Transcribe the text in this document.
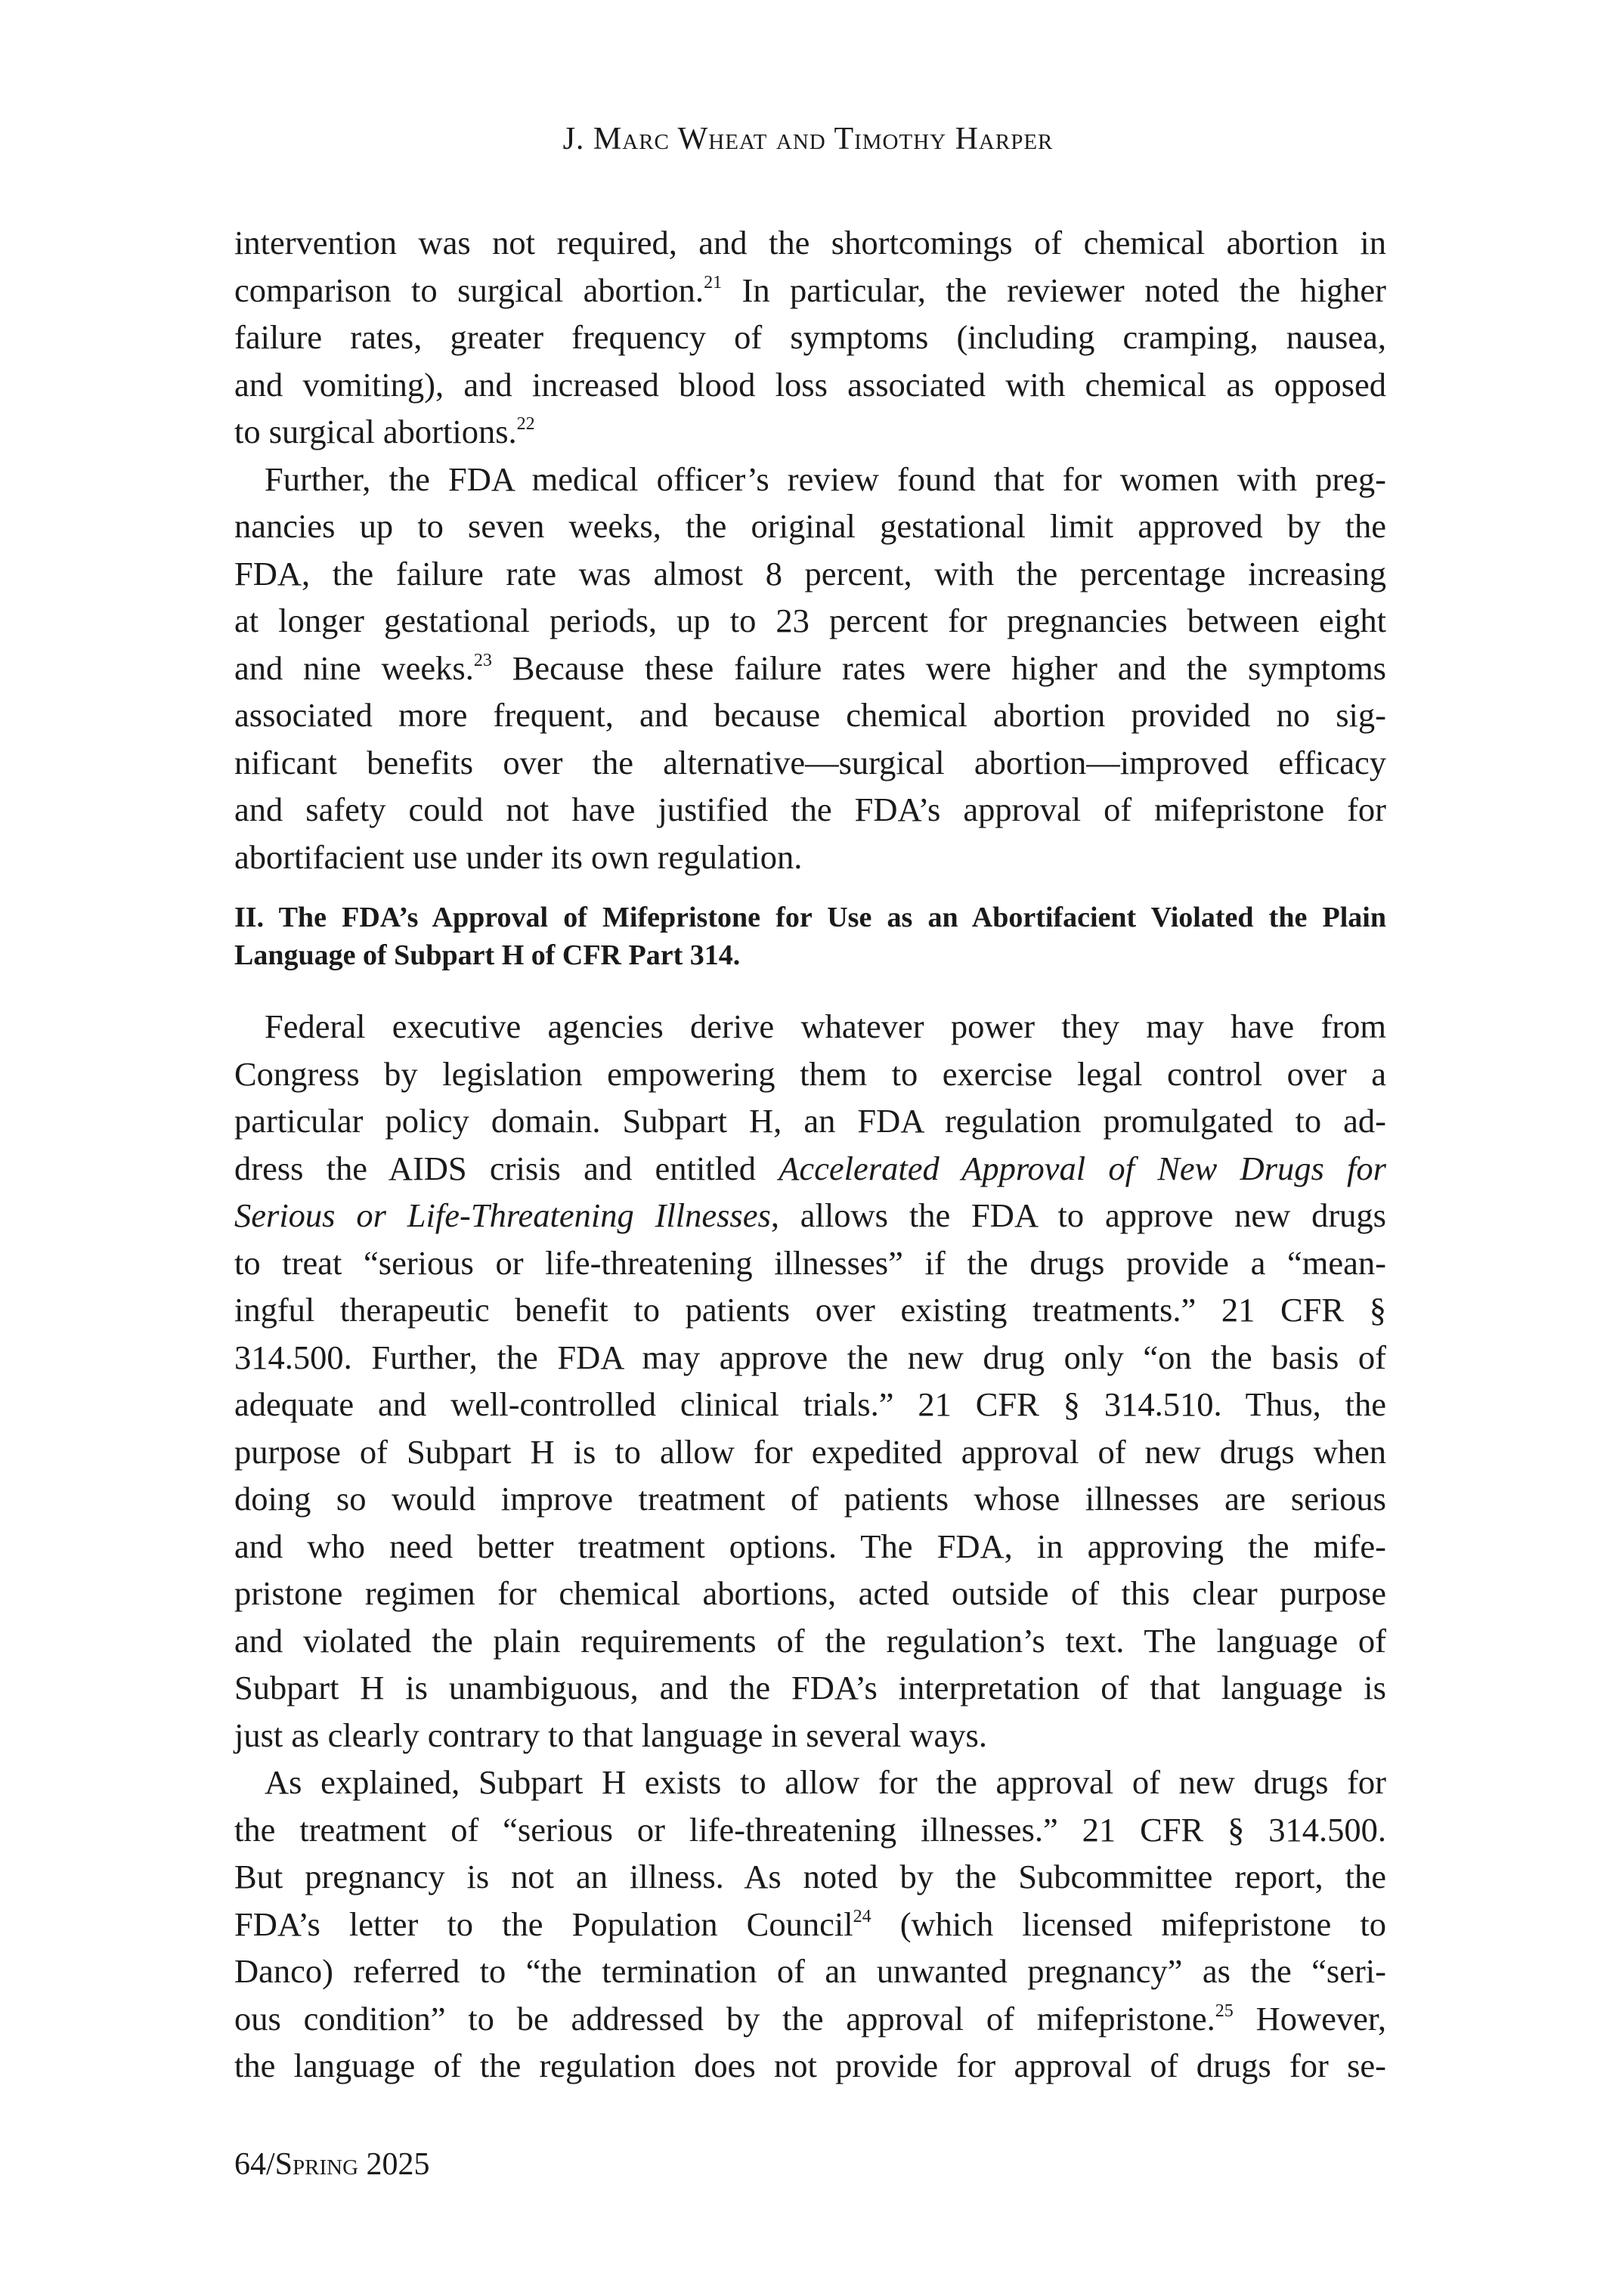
J. Marc Wheat and Timothy Harper
intervention was not required, and the shortcomings of chemical abortion in
comparison to surgical abortion.$^{21}$ In particular, the reviewer noted the higher
failure rates, greater frequency of symptoms (including cramping, nausea,
and vomiting), and increased blood loss associated with chemical as opposed
to surgical abortions.$^{22}$
Further, the FDA medical officer’s review found that for women with preg-
nancies up to seven weeks, the original gestational limit approved by the
FDA, the failure rate was almost 8 percent, with the percentage increasing
at longer gestational periods, up to 23 percent for pregnancies between eight
and nine weeks.$^{23}$ Because these failure rates were higher and the symptoms
associated more frequent, and because chemical abortion provided no sig-
nificant benefits over the alternative—surgical abortion—improved efficacy
and safety could not have justified the FDA’s approval of mifepristone for
abortifacient use under its own regulation.
II. The FDA’s Approval of Mifepristone for Use as an Abortifacient Violated the Plain
Language of Subpart H of CFR Part 314.
Federal executive agencies derive whatever power they may have from
Congress by legislation empowering them to exercise legal control over a
particular policy domain. Subpart H, an FDA regulation promulgated to ad-
dress the AIDS crisis and entitled Accelerated Approval of New Drugs for
Serious or Life-Threatening Illnesses, allows the FDA to approve new drugs
to treat “serious or life-threatening illnesses” if the drugs provide a “mean-
ingful therapeutic benefit to patients over existing treatments.” 21 CFR §
314.500. Further, the FDA may approve the new drug only “on the basis of
adequate and well-controlled clinical trials.” 21 CFR § 314.510. Thus, the
purpose of Subpart H is to allow for expedited approval of new drugs when
doing so would improve treatment of patients whose illnesses are serious
and who need better treatment options. The FDA, in approving the mife-
pristone regimen for chemical abortions, acted outside of this clear purpose
and violated the plain requirements of the regulation’s text. The language of
Subpart H is unambiguous, and the FDA’s interpretation of that language is
just as clearly contrary to that language in several ways.
As explained, Subpart H exists to allow for the approval of new drugs for
the treatment of “serious or life-threatening illnesses.” 21 CFR § 314.500.
But pregnancy is not an illness. As noted by the Subcommittee report, the
FDA’s letter to the Population Council$^{24}$ (which licensed mifepristone to
Danco) referred to “the termination of an unwanted pregnancy” as the “seri-
ous condition” to be addressed by the approval of mifepristone.$^{25}$ However,
the language of the regulation does not provide for approval of drugs for se-
64/Spring 2025
